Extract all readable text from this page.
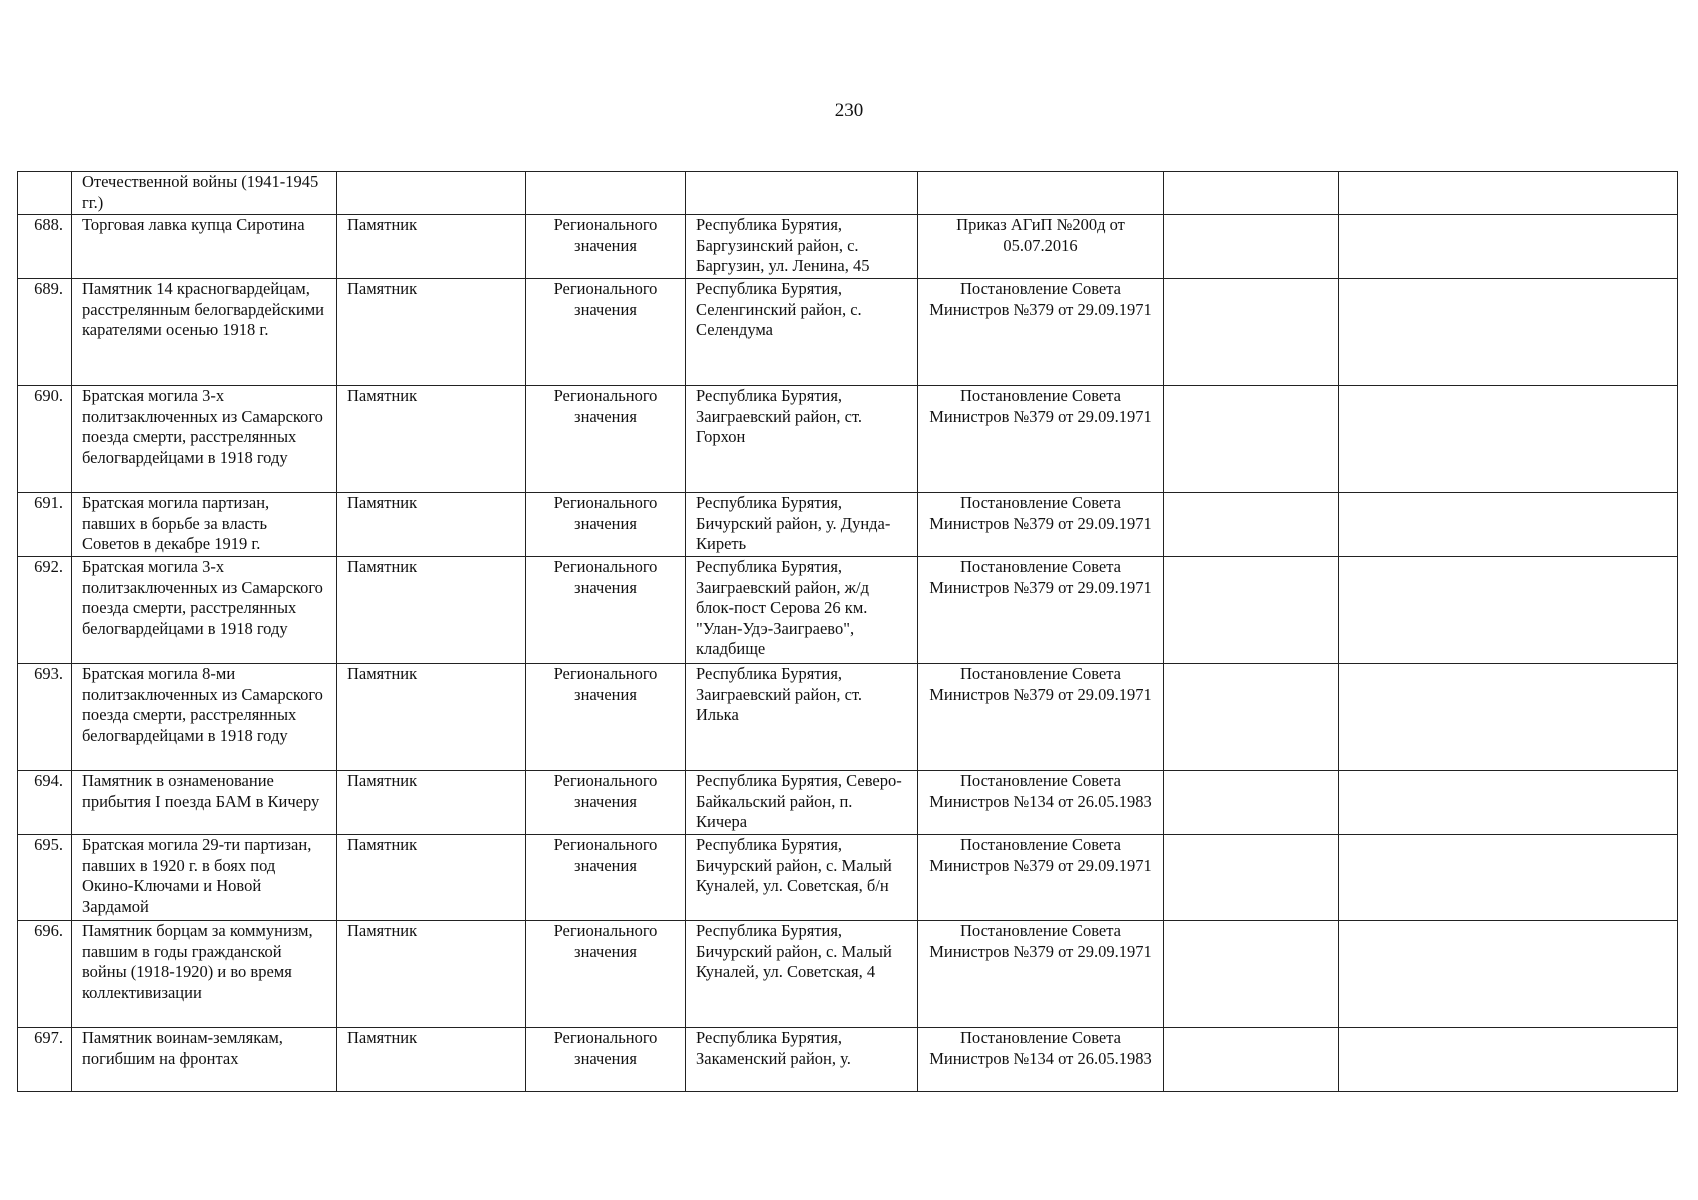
230
	Отечественной войны (1941-1945 гг.)						
688.	Торговая лавка купца Сиротина	Памятник	Регионального значения	Республика Бурятия, Баргузинский район, с. Баргузин, ул. Ленина, 45	Приказ АГиП №200д от 05.07.2016		
689.	Памятник 14 красногвардейцам, расстрелянным белогвардейскими карателями осенью 1918 г.	Памятник	Регионального значения	Республика Бурятия, Селенгинский район, с. Селендума	Постановление Совета Министров №379 от 29.09.1971		
690.	Братская могила 3-х политзаключенных из Самарского поезда смерти, расстрелянных белогвардейцами в 1918 году	Памятник	Регионального значения	Республика Бурятия, Заиграевский район, ст. Горхон	Постановление Совета Министров №379 от 29.09.1971		
691.	Братская могила партизан, павших в борьбе за власть Советов в декабре 1919 г.	Памятник	Регионального значения	Республика Бурятия, Бичурский район, у. Дунда-Киреть	Постановление Совета Министров №379 от 29.09.1971		
692.	Братская могила 3-х политзаключенных из Самарского поезда смерти, расстрелянных белогвардейцами в 1918 году	Памятник	Регионального значения	Республика Бурятия, Заиграевский район, ж/д блок-пост Серова 26 км. "Улан-Удэ-Заиграево", кладбище	Постановление Совета Министров №379 от 29.09.1971		
693.	Братская могила 8-ми политзаключенных из Самарского поезда смерти, расстрелянных белогвардейцами в 1918 году	Памятник	Регионального значения	Республика Бурятия, Заиграевский район, ст. Илька	Постановление Совета Министров №379 от 29.09.1971		
694.	Памятник в ознаменование прибытия I поезда БАМ в Кичеру	Памятник	Регионального значения	Республика Бурятия, Северо-Байкальский район, п. Кичера	Постановление Совета Министров №134 от 26.05.1983		
695.	Братская могила 29-ти партизан, павших в 1920 г. в боях под Окино-Ключами и Новой Зардамой	Памятник	Регионального значения	Республика Бурятия, Бичурский район, с. Малый Куналей, ул. Советская, б/н	Постановление Совета Министров №379 от 29.09.1971		
696.	Памятник борцам за коммунизм, павшим в годы гражданской войны (1918-1920) и во время коллективизации	Памятник	Регионального значения	Республика Бурятия, Бичурский район, с. Малый Куналей, ул. Советская, 4	Постановление Совета Министров №379 от 29.09.1971		
697.	Памятник воинам-землякам, погибшим на фронтах	Памятник	Регионального значения	Республика Бурятия, Закаменский район, у.	Постановление Совета Министров №134 от 26.05.1983		
